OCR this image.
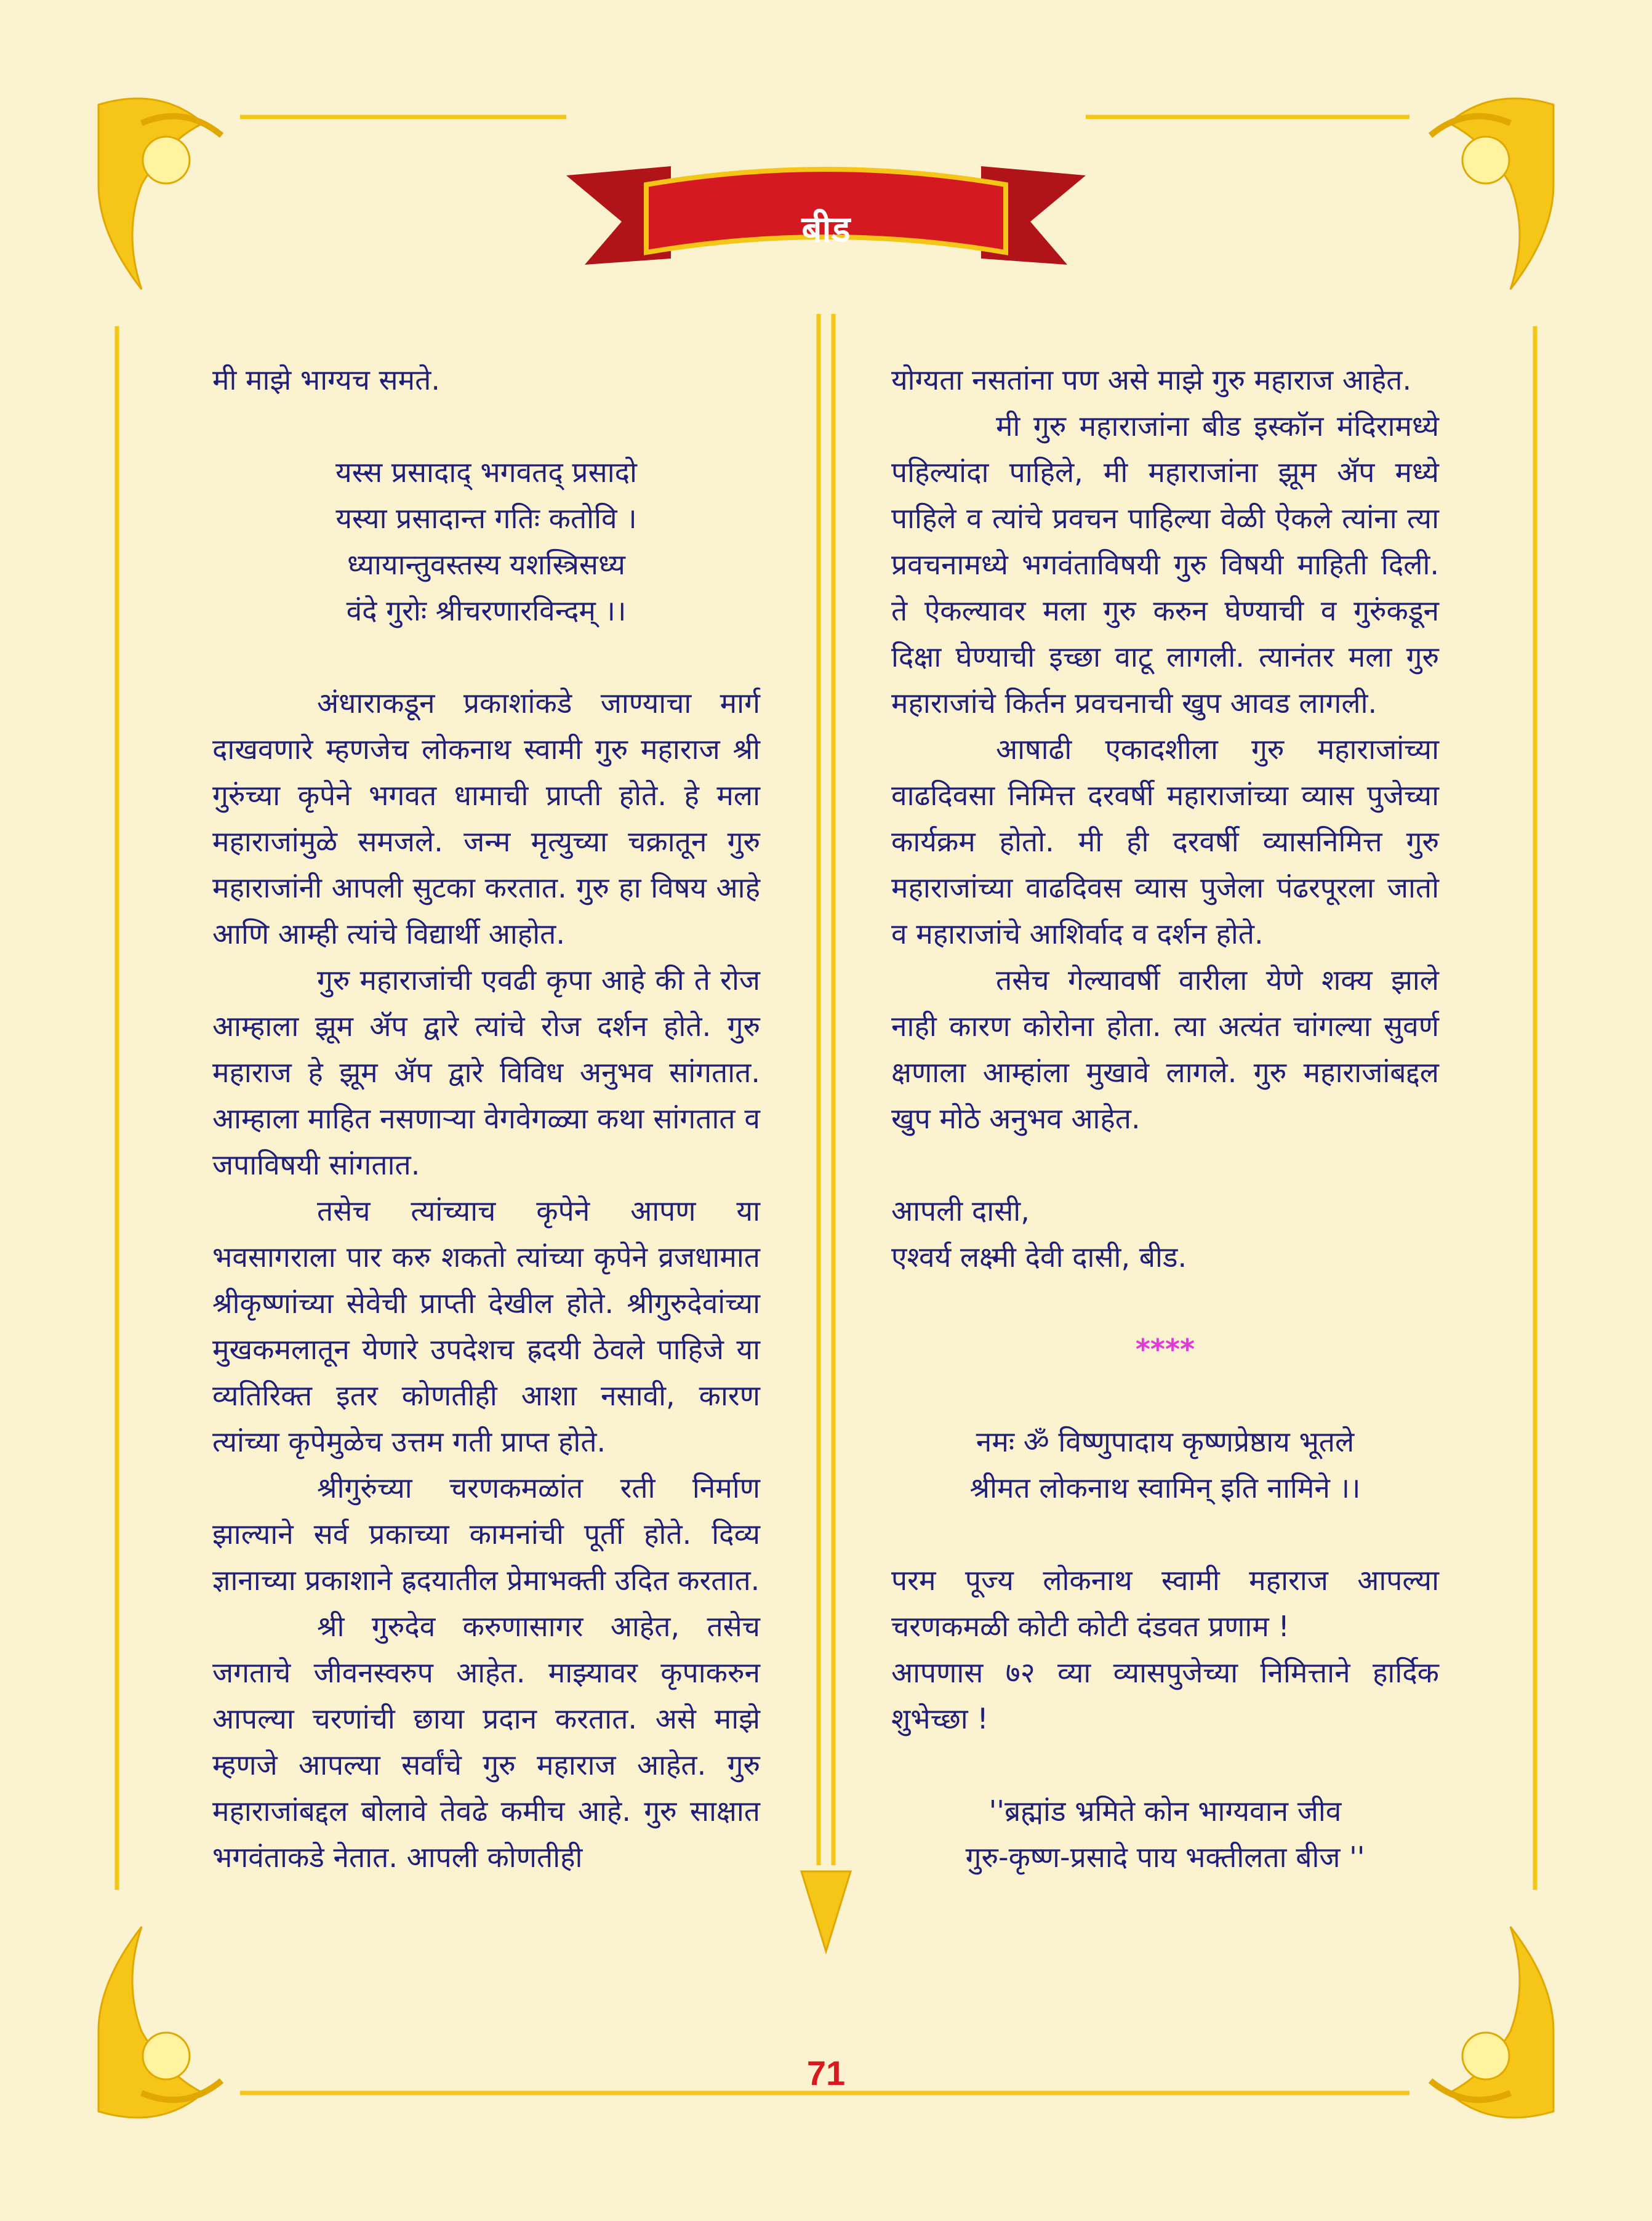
बीड

मी माझे भाग्यच समते.

यस्स प्रसादाद् भगवतद् प्रसादो

यस्या प्रसादान्त गतिः कतोवि ।

ध्यायान्तुवस्तस्य यशस्त्रिसध्य

वंदे गुरोः श्रीचरणारविन्दम् ।।

अंधाराकडून प्रकाशांकडे जाण्याचा मार्ग दाखवणारे म्हणजेच लोकनाथ स्वामी गुरु महाराज श्री गुरुंच्या कृपेने भगवत धामाची प्राप्ती होते. हे मला महाराजांमुळे समजले. जन्म मृत्युच्या चक्रातून गुरु महाराजांनी आपली सुटका करतात. गुरु हा विषय आहे आणि आम्ही त्यांचे विद्यार्थी आहोत.

गुरु महाराजांची एवढी कृपा आहे की ते रोज आम्हाला झूम ॲप द्वारे त्यांचे रोज दर्शन होते. गुरु महाराज हे झूम ॲप द्वारे विविध अनुभव सांगतात. आम्हाला माहित नसणाऱ्या वेगवेगळ्या कथा सांगतात व जपाविषयी सांगतात.

तसेच त्यांच्याच कृपेने आपण या भवसागराला पार करु शकतो त्यांच्या कृपेने व्रजधामात श्रीकृष्णांच्या सेवेची प्राप्ती देखील होते. श्रीगुरुदेवांच्या मुखकमलातून येणारे उपदेशच ह्रदयी ठेवले पाहिजे या व्यतिरिक्त इतर कोणतीही आशा नसावी, कारण त्यांच्या कृपेमुळेच उत्तम गती प्राप्त होते.

श्रीगुरुंच्या चरणकमळांत रती निर्माण झाल्याने सर्व प्रकाच्या कामनांची पूर्ती होते. दिव्य ज्ञानाच्या प्रकाशाने ह्रदयातील प्रेमाभक्ती उदित करतात.

श्री गुरुदेव करुणासागर आहेत, तसेच जगताचे जीवनस्वरुप आहेत. माझ्यावर कृपाकरुन आपल्या चरणांची छाया प्रदान करतात. असे माझे म्हणजे आपल्या सर्वांचे गुरु महाराज आहेत. गुरु महाराजांबद्दल बोलावे तेवढे कमीच आहे. गुरु साक्षात भगवंताकडे नेतात. आपली कोणतीही

योग्यता नसतांना पण असे माझे गुरु महाराज आहेत.

मी गुरु महाराजांना बीड इस्कॉन मंदिरामध्ये पहिल्यांदा पाहिले, मी महाराजांना झूम ॲप मध्ये पाहिले व त्यांचे प्रवचन पाहिल्या वेळी ऐकले त्यांना त्या प्रवचनामध्ये भगवंताविषयी गुरु विषयी माहिती दिली. ते ऐकल्यावर मला गुरु करुन घेण्याची व गुरुंकडून दिक्षा घेण्याची इच्छा वाटू लागली. त्यानंतर मला गुरु महाराजांचे किर्तन प्रवचनाची खुप आवड लागली.

आषाढी एकादशीला गुरु महाराजांच्या वाढदिवसा निमित्त दरवर्षी महाराजांच्या व्यास पुजेच्या कार्यक्रम होतो. मी ही दरवर्षी व्यासनिमित्त गुरु महाराजांच्या वाढदिवस व्यास पुजेला पंढरपूरला जातो व महाराजांचे आशिर्वाद व दर्शन होते.

तसेच गेल्यावर्षी वारीला येणे शक्य झाले नाही कारण कोरोना होता. त्या अत्यंत चांगल्या सुवर्ण क्षणाला आम्हांला मुखावे लागले. गुरु महाराजांबद्दल खुप मोठे अनुभव आहेत.

आपली दासी,

एश्वर्य लक्ष्मी देवी दासी, बीड.

****

नमः ॐ विष्णुपादाय कृष्णप्रेष्ठाय भूतले

श्रीमत लोकनाथ स्वामिन् इति नामिने ।।

परम पूज्य लोकनाथ स्वामी महाराज आपल्या चरणकमळी कोटी कोटी दंडवत प्रणाम !

आपणास ७२ व्या व्यासपुजेच्या निमित्ताने हार्दिक शुभेच्छा !

''ब्रह्मांड भ्रमिते कोन भाग्यवान जीव

गुरु-कृष्ण-प्रसादे पाय भक्तीलता बीज ''

71
